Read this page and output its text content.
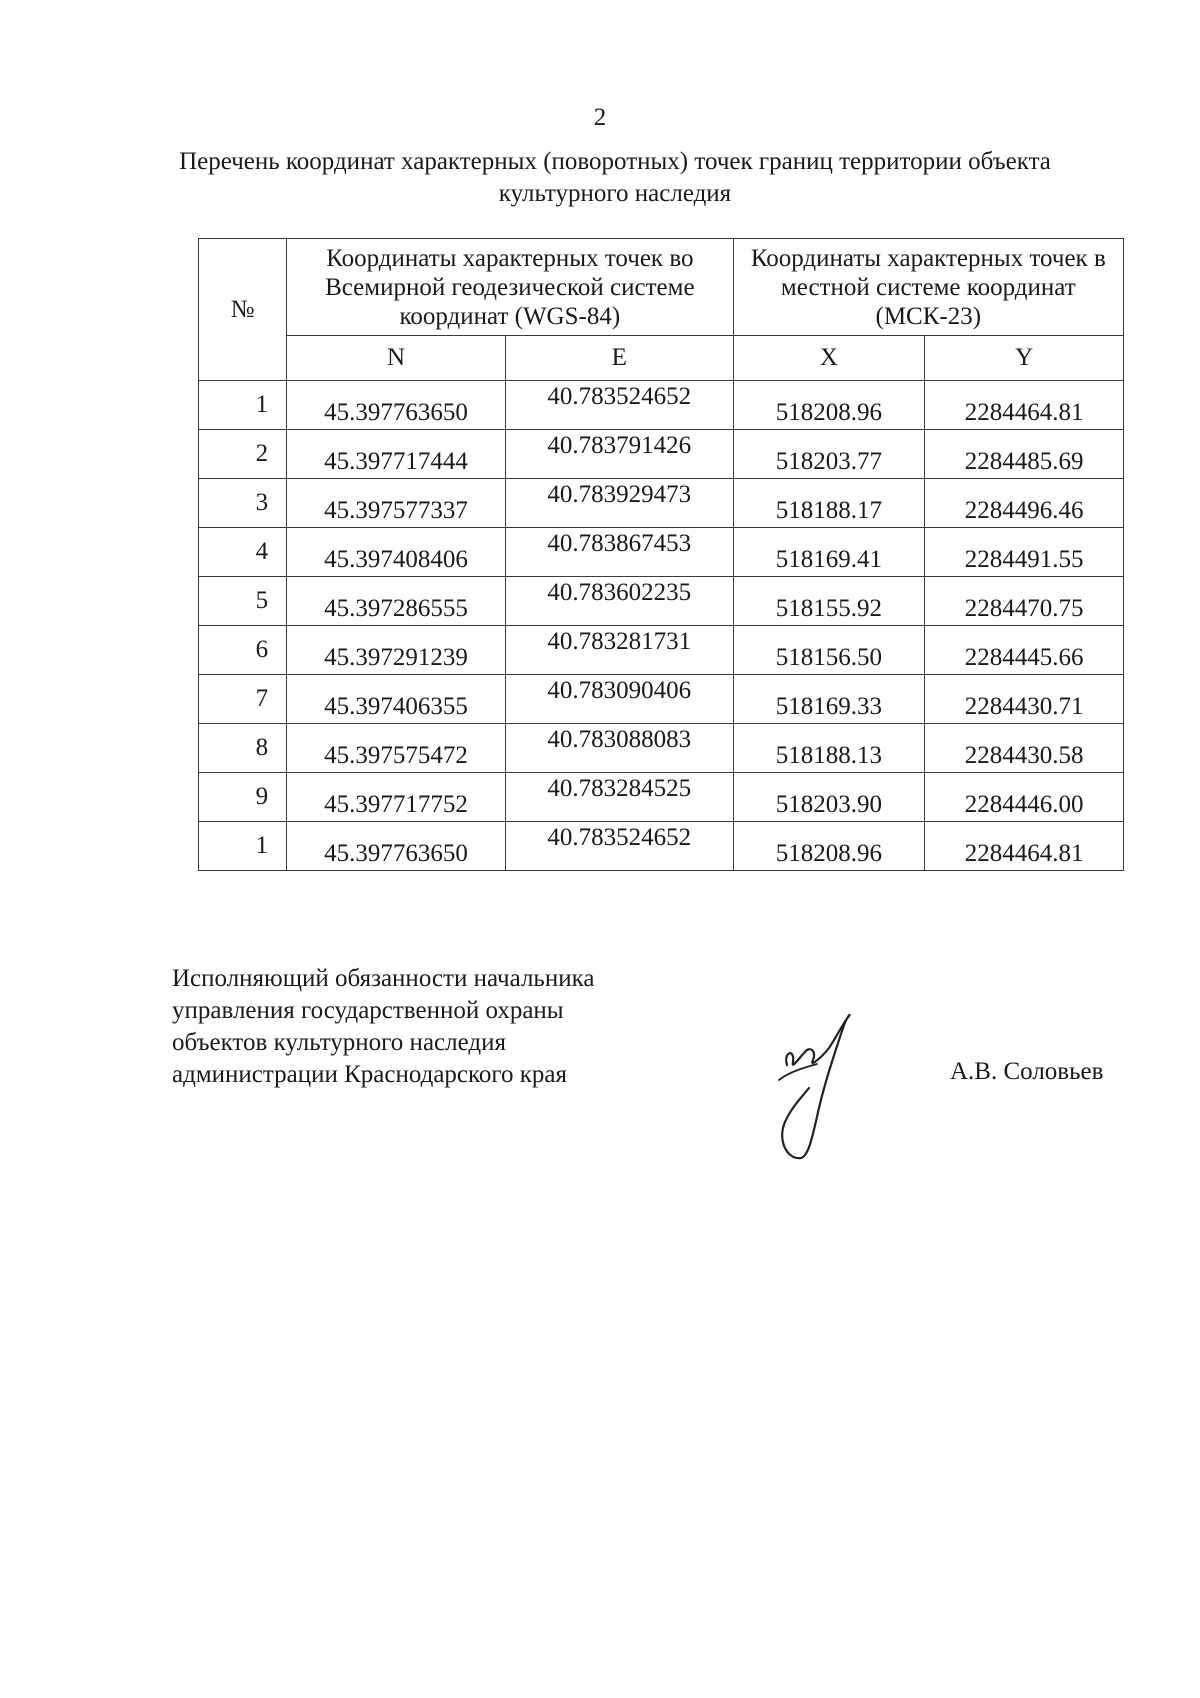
2
Перечень координат характерных (поворотных) точек границ территории объекта культурного наследия
№	Координаты характерных точек во Всемирной геодезической системе координат (WGS-84)		Координаты характерных точек в местной системе координат (МСК-23)	
	N	E	X	Y
1	45.397763650	40.783524652	518208.96	2284464.81
2	45.397717444	40.783791426	518203.77	2284485.69
3	45.397577337	40.783929473	518188.17	2284496.46
4	45.397408406	40.783867453	518169.41	2284491.55
5	45.397286555	40.783602235	518155.92	2284470.75
6	45.397291239	40.783281731	518156.50	2284445.66
7	45.397406355	40.783090406	518169.33	2284430.71
8	45.397575472	40.783088083	518188.13	2284430.58
9	45.397717752	40.783284525	518203.90	2284446.00
1	45.397763650	40.783524652	518208.96	2284464.81
Исполняющий обязанности начальника
управления государственной охраны
объектов культурного наследия
администрации Краснодарского края	А.В. Соловьев
